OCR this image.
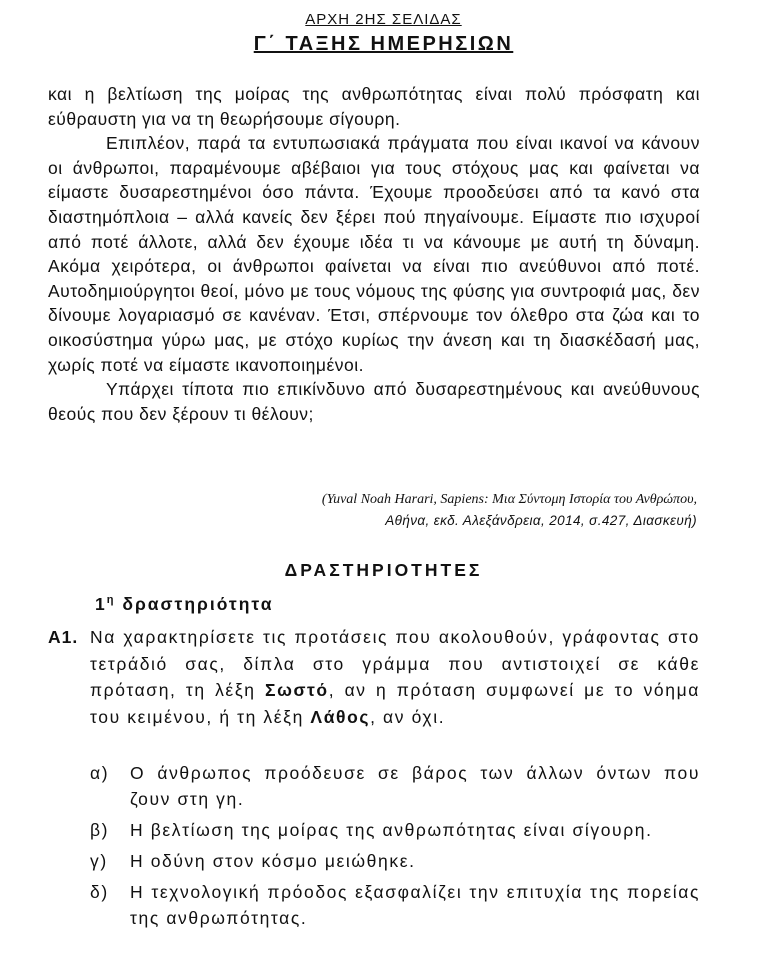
ΑΡΧΗ 2ΗΣ ΣΕΛΙΔΑΣ
Γ΄ ΤΑΞΗΣ ΗΜΕΡΗΣΙΩΝ

και η βελτίωση της μοίρας της ανθρωπότητας είναι πολύ πρόσφατη και εύθραυστη για να τη θεωρήσουμε σίγουρη.

Επιπλέον, παρά τα εντυπωσιακά πράγματα που είναι ικανοί να κάνουν οι άνθρωποι, παραμένουμε αβέβαιοι για τους στόχους μας και φαίνεται να είμαστε δυσαρεστημένοι όσο πάντα. Έχουμε προοδεύσει από τα κανό στα διαστημόπλοια – αλλά κανείς δεν ξέρει πού πηγαίνουμε. Είμαστε πιο ισχυροί από ποτέ άλλοτε, αλλά δεν έχουμε ιδέα τι να κάνουμε με αυτή τη δύναμη. Ακόμα χειρότερα, οι άνθρωποι φαίνεται να είναι πιο ανεύθυνοι από ποτέ. Αυτοδημιούργητοι θεοί, μόνο με τους νόμους της φύσης για συντροφιά μας, δεν δίνουμε λογαριασμό σε κανέναν. Έτσι, σπέρνουμε τον όλεθρο στα ζώα και το οικοσύστημα γύρω μας, με στόχο κυρίως την άνεση και τη διασκέδασή μας, χωρίς ποτέ να είμαστε ικανοποιημένοι.

Υπάρχει τίποτα πιο επικίνδυνο από δυσαρεστημένους και ανεύθυνους θεούς που δεν ξέρουν τι θέλουν;

(Yuval Noah Harari, Sapiens: Μια Σύντομη Ιστορία του Ανθρώπου,
Αθήνα, εκδ. Αλεξάνδρεια, 2014, σ.427, Διασκευή)
ΔΡΑΣΤΗΡΙΟΤΗΤΕΣ
$1^\eta$ δραστηριότητα
Α1. Να χαρακτηρίσετε τις προτάσεις που ακολουθούν, γράφοντας στο τετράδιό σας, δίπλα στο γράμμα που αντιστοιχεί σε κάθε πρόταση, τη λέξη Σωστό, αν η πρόταση συμφωνεί με το νόημα του κειμένου, ή τη λέξη Λάθος, αν όχι.
α) Ο άνθρωπος προόδευσε σε βάρος των άλλων όντων που ζουν στη γη.
β) Η βελτίωση της μοίρας της ανθρωπότητας είναι σίγουρη.
γ) Η οδύνη στον κόσμο μειώθηκε.
δ) Η τεχνολογική πρόοδος εξασφαλίζει την επιτυχία της πορείας της ανθρωπότητας.
